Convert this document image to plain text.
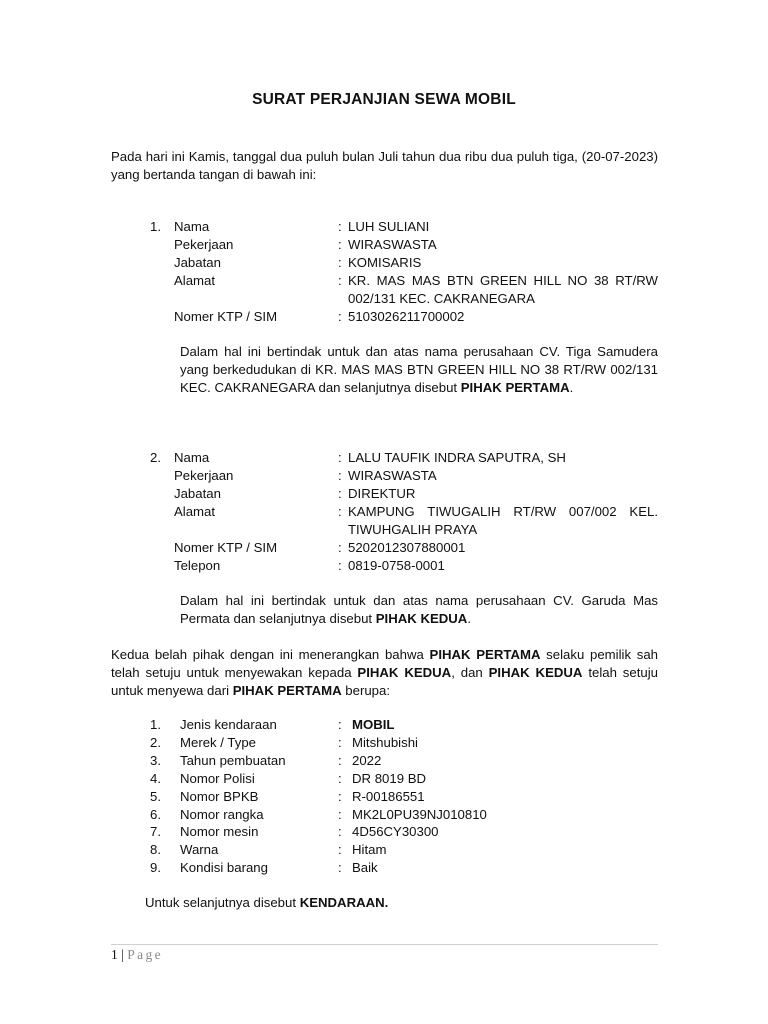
SURAT PERJANJIAN SEWA MOBIL
Pada hari ini Kamis, tanggal dua puluh bulan Juli tahun dua ribu dua puluh tiga, (20-07-2023) yang bertanda tangan di bawah ini:
1. Nama	: LUH SULIANI
Pekerjaan	: WIRASWASTA
Jabatan	: KOMISARIS
Alamat	: KR. MAS MAS BTN GREEN HILL NO 38 RT/RW 002/131 KEC. CAKRANEGARA
Nomer KTP / SIM	: 5103026211700002
Dalam hal ini bertindak untuk dan atas nama perusahaan CV. Tiga Samudera yang berkedudukan di KR. MAS MAS BTN GREEN HILL NO 38 RT/RW 002/131 KEC. CAKRANEGARA dan selanjutnya disebut PIHAK PERTAMA.
2. Nama	: LALU TAUFIK INDRA SAPUTRA, SH
Pekerjaan	: WIRASWASTA
Jabatan	: DIREKTUR
Alamat	: KAMPUNG TIWUGALIH RT/RW 007/002 KEL. TIWUHGALIH PRAYA
Nomer KTP / SIM	: 5202012307880001
Telepon	: 0819-0758-0001
Dalam hal ini bertindak untuk dan atas nama perusahaan CV. Garuda Mas Permata dan selanjutnya disebut PIHAK KEDUA.
Kedua belah pihak dengan ini menerangkan bahwa PIHAK PERTAMA selaku pemilik sah telah setuju untuk menyewakan kepada PIHAK KEDUA, dan PIHAK KEDUA telah setuju untuk menyewa dari PIHAK PERTAMA berupa:
1.	Jenis kendaraan	: MOBIL
2.	Merek / Type	: Mitshubishi
3.	Tahun pembuatan	: 2022
4.	Nomor Polisi	: DR 8019 BD
5.	Nomor BPKB	: R-00186551
6.	Nomor rangka	: MK2L0PU39NJ010810
7.	Nomor mesin	: 4D56CY30300
8.	Warna	: Hitam
9.	Kondisi barang	: Baik
Untuk selanjutnya disebut KENDARAAN.
1 | Page
